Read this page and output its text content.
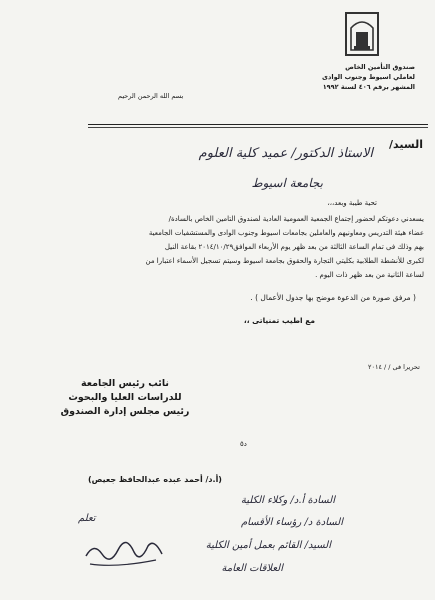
صندوق التأمين الخاص
لعاملي اسيوط وجنوب الوادى
المشهر برقم ٤٠٦ لسنة ١٩٩٢
بسم الله الرحمن الرحيم
السيد/
الاستاذ الدكتور/ عميد كلية العلوم
بجامعة اسيوط
تحية طيبة وبعد،،،
يسعدني دعوتكم لحضور إجتماع الجمعية العمومية العادية لصندوق التامين الخاص بالسادة/
عضاء هيئة التدريس ومعاونيهم والعاملين بجامعات اسيوط وجنوب الوادى والمستشفيات الجامعية
بهم وذلك فى تمام الساعة الثالثة من بعد ظهر يوم الأربعاء الموافق٢٠١٤/١٠/٢٩ بقاعة النيل
لكبرى للأنشطة الطلابية بكليتي التجارة والحقوق بجامعة اسيوط وسيتم تسجيل الأسماء اعتبارا من
لساعة الثانية من بعد ظهر ذات اليوم .
( مرفق صورة من الدعوة موضح بها جدول الأعمال ) .
مع اطيب تمنياتى ،،
تحريرا فى / / ٢٠١٤
نائب رئيس الجامعة
للدراسات العليا والبحوث
رئيس مجلس إدارة الصندوق
د٥
(أ.د/ أحمد عبده عبدالحافظ جعيص)
السادة أ.د/ وكلاء الكلية
السادة د/ رؤساء الأقسام
السيد/ القائم بعمل أمين الكلية
العلاقات العامة
تعلم
